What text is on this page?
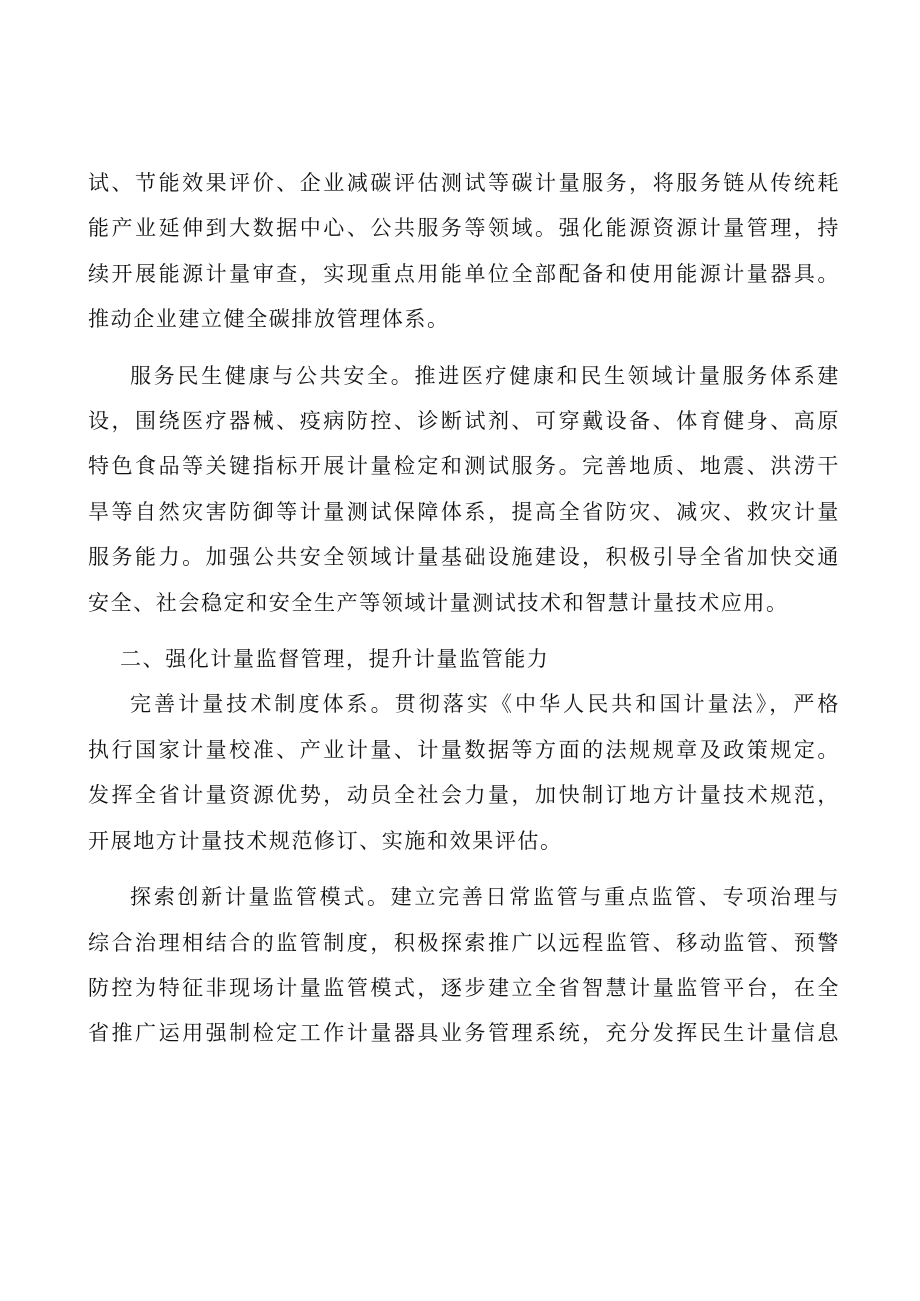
试、节能效果评价、企业减碳评估测试等碳计量服务，将服务链从传统耗
能产业延伸到大数据中心、公共服务等领域。强化能源资源计量管理，持
续开展能源计量审查，实现重点用能单位全部配备和使用能源计量器具。
推动企业建立健全碳排放管理体系。

服务民生健康与公共安全。推进医疗健康和民生领域计量服务体系建
设，围绕医疗器械、疫病防控、诊断试剂、可穿戴设备、体育健身、高原
特色食品等关键指标开展计量检定和测试服务。完善地质、地震、洪涝干
旱等自然灾害防御等计量测试保障体系，提高全省防灾、减灾、救灾计量
服务能力。加强公共安全领域计量基础设施建设，积极引导全省加快交通
安全、社会稳定和安全生产等领域计量测试技术和智慧计量技术应用。

二、强化计量监督管理，提升计量监管能力

完善计量技术制度体系。贯彻落实《中华人民共和国计量法》，严格
执行国家计量校准、产业计量、计量数据等方面的法规规章及政策规定。
发挥全省计量资源优势，动员全社会力量，加快制订地方计量技术规范，
开展地方计量技术规范修订、实施和效果评估。

探索创新计量监管模式。建立完善日常监管与重点监管、专项治理与
综合治理相结合的监管制度，积极探索推广以远程监管、移动监管、预警
防控为特征非现场计量监管模式，逐步建立全省智慧计量监管平台，在全
省推广运用强制检定工作计量器具业务管理系统，充分发挥民生计量信息
